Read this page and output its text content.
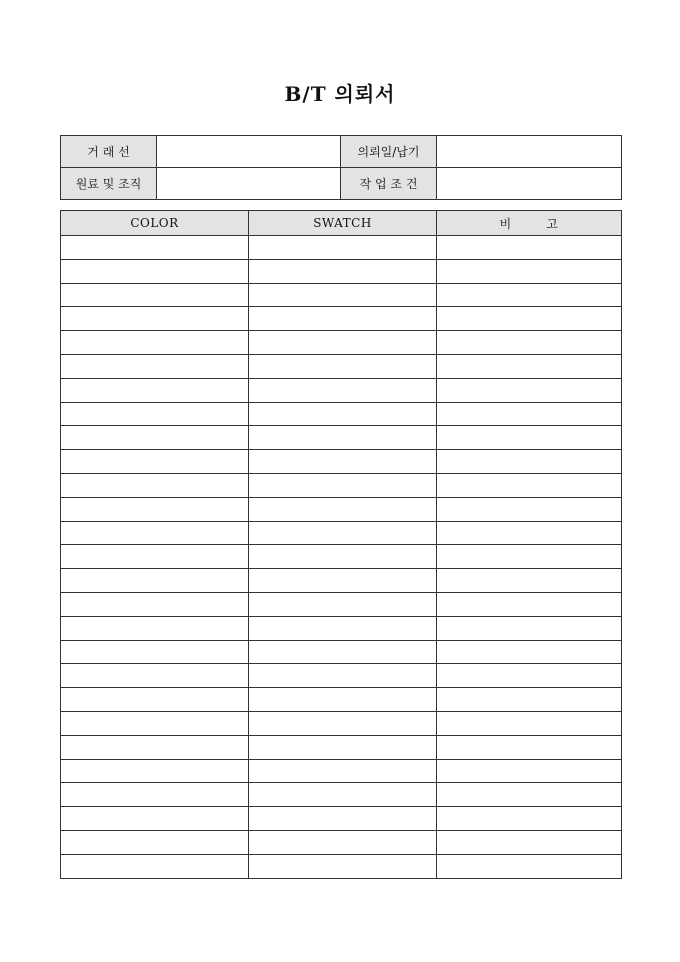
B/T 의뢰서
거 래 선		의뢰일/납기	
원료 및 조직		작 업 조 건	
COLOR	SWATCH	비        고
